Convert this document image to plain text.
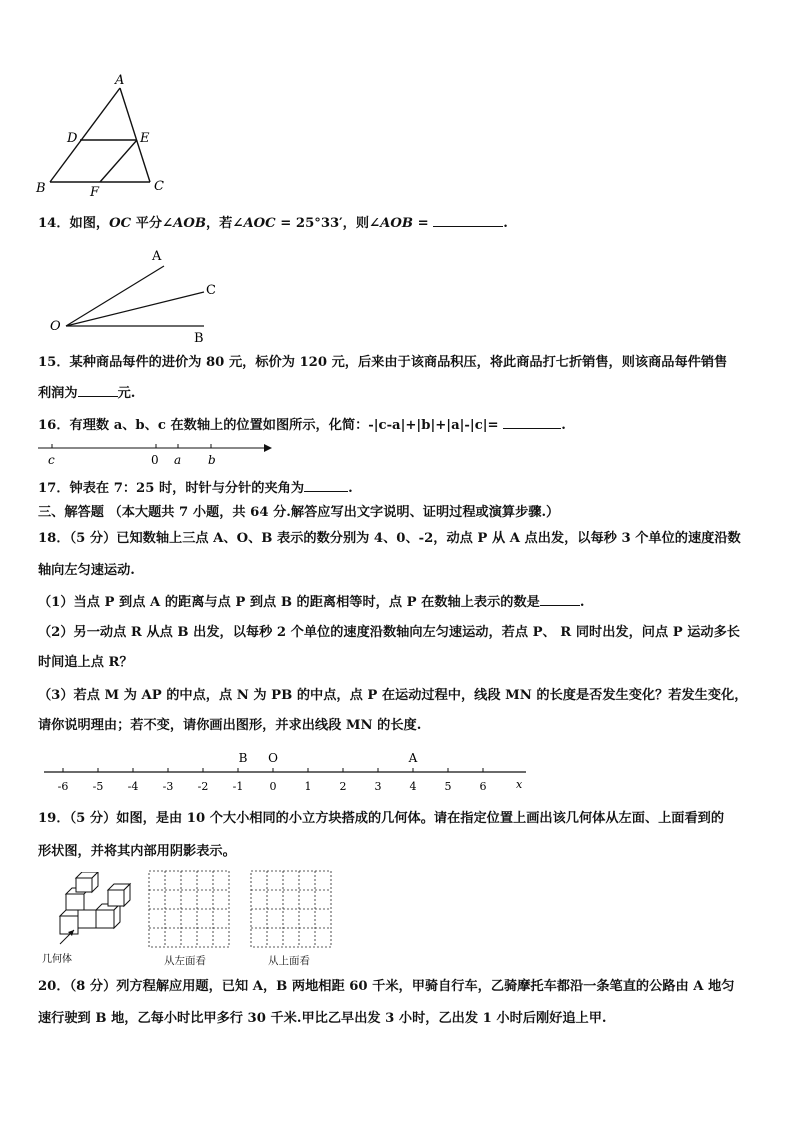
A
D	E
B	F	C
14．如图，OC 平分∠AOB，若∠AOC = 25°33′，则∠AOB =	.
A
C
O
B
15．某种商品每件的进价为 80 元，标价为 120 元，后来由于该商品积压，将此商品打七折销售，则该商品每件销售
利润为	元.
16．有理数 a、b、c 在数轴上的位置如图所示，化简：-|c-a|+|b|+|a|-|c|=	.
c	0 a b
17．钟表在 7：25 时，时针与分针的夹角为	.
三、解答题 （本大题共 7 小题，共 64 分.解答应写出文字说明、证明过程或演算步骤.）
18．（5 分）已知数轴上三点 A、O、B 表示的数分别为 4、0、-2，动点 P 从 A 点出发，以每秒 3 个单位的速度沿数
轴向左匀速运动.
（1）当点 P 到点 A 的距离与点 P 到点 B 的距离相等时，点 P 在数轴上表示的数是	.
（2）另一动点 R 从点 B 出发，以每秒 2 个单位的速度沿数轴向左匀速运动，若点 P、 R 同时出发，问点 P 运动多长
时间追上点 R？
（3）若点 M 为 AP 的中点，点 N 为 PB 的中点，点 P 在运动过程中，线段 MN 的长度是否发生变化？若发生变化，
请你说明理由；若不变，请你画出图形，并求出线段 MN 的长度.
-6 -5 -4 -3 -2 -1 0	1	2	3	4	5	6
B O	A
x
19．（5 分）如图，是由 10 个大小相同的小立方块搭成的几何体。请在指定位置上画出该几何体从左面、上面看到的
形状图，并将其内部用阴影表示。
几何体	从左面看	从上面看
20．（8 分）列方程解应用题，已知 A，B 两地相距 60 千米，甲骑自行车，乙骑摩托车都沿一条笔直的公路由 A 地匀
速行驶到 B 地，乙每小时比甲多行 30 千米.甲比乙早出发 3 小时，乙出发 1 小时后刚好追上甲.
